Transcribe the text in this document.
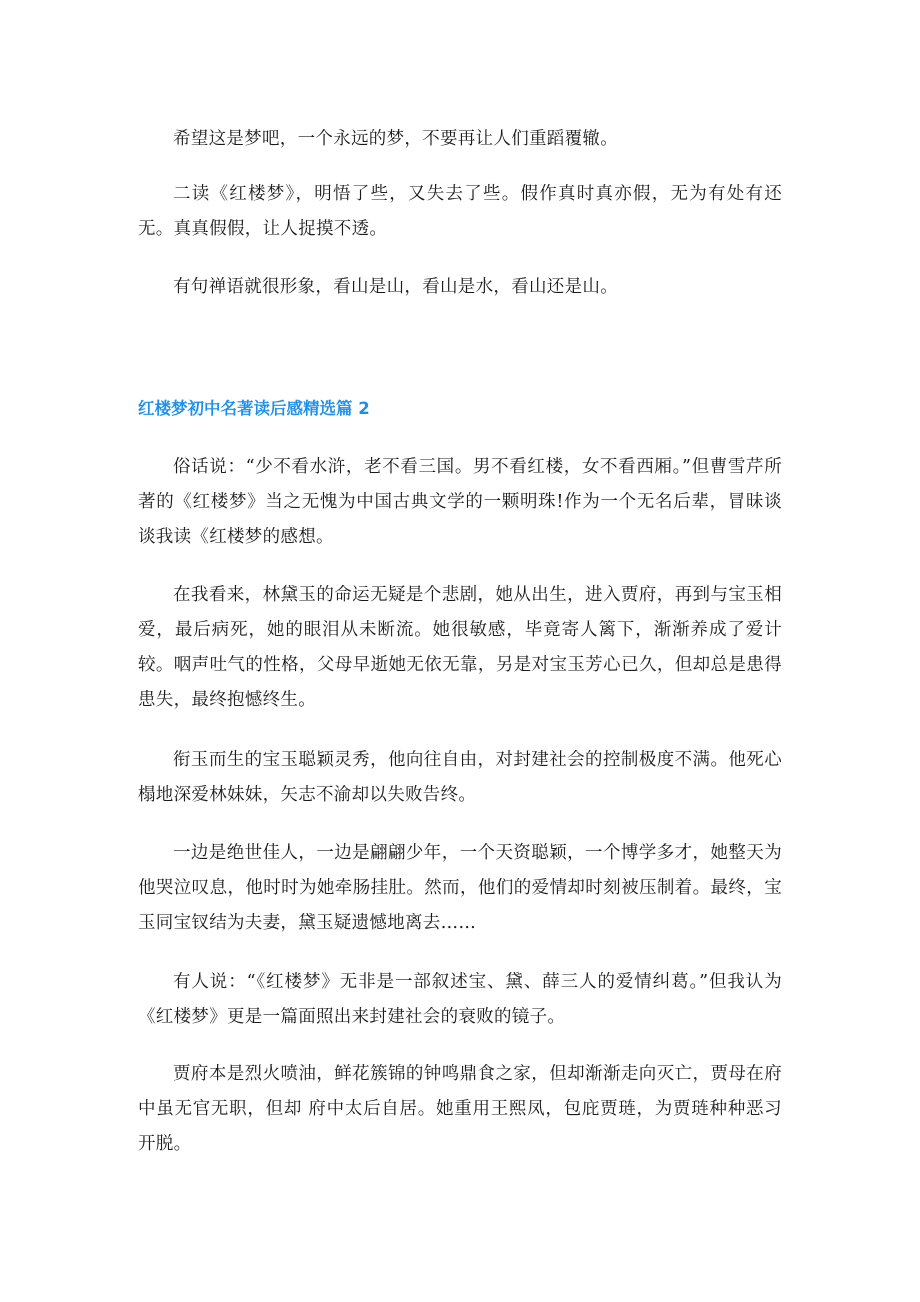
希望这是梦吧，一个永远的梦，不要再让人们重蹈覆辙。

二读《红楼梦》，明悟了些，又失去了些。假作真时真亦假，无为有处有还无。真真假假，让人捉摸不透。

有句禅语就很形象，看山是山，看山是水，看山还是山。

红楼梦初中名著读后感精选篇 2

俗话说：“少不看水浒，老不看三国。男不看红楼，女不看西厢。”但曹雪芹所著的《红楼梦》当之无愧为中国古典文学的一颗明珠!作为一个无名后辈，冒昧谈谈我读《红楼梦的感想。

在我看来，林黛玉的命运无疑是个悲剧，她从出生，进入贾府，再到与宝玉相爱，最后病死，她的眼泪从未断流。她很敏感，毕竟寄人篱下，渐渐养成了爱计较。咽声吐气的性格，父母早逝她无依无靠，另是对宝玉芳心已久，但却总是患得患失，最终抱憾终生。

衔玉而生的宝玉聪颖灵秀，他向往自由，对封建社会的控制极度不满。他死心榻地深爱林妹妹，矢志不渝却以失败告终。

一边是绝世佳人，一边是翩翩少年，一个天资聪颖，一个博学多才，她整天为他哭泣叹息，他时时为她牵肠挂肚。然而，他们的爱情却时刻被压制着。最终，宝玉同宝钗结为夫妻，黛玉疑遗憾地离去……

有人说：“《红楼梦》无非是一部叙述宝、黛、薛三人的爱情纠葛。”但我认为《红楼梦》更是一篇面照出来封建社会的衰败的镜子。

贾府本是烈火喷油，鲜花簇锦的钟鸣鼎食之家，但却渐渐走向灭亡，贾母在府中虽无官无职，但却 府中太后自居。她重用王熙凤，包庇贾琏，为贾琏种种恶习开脱。
